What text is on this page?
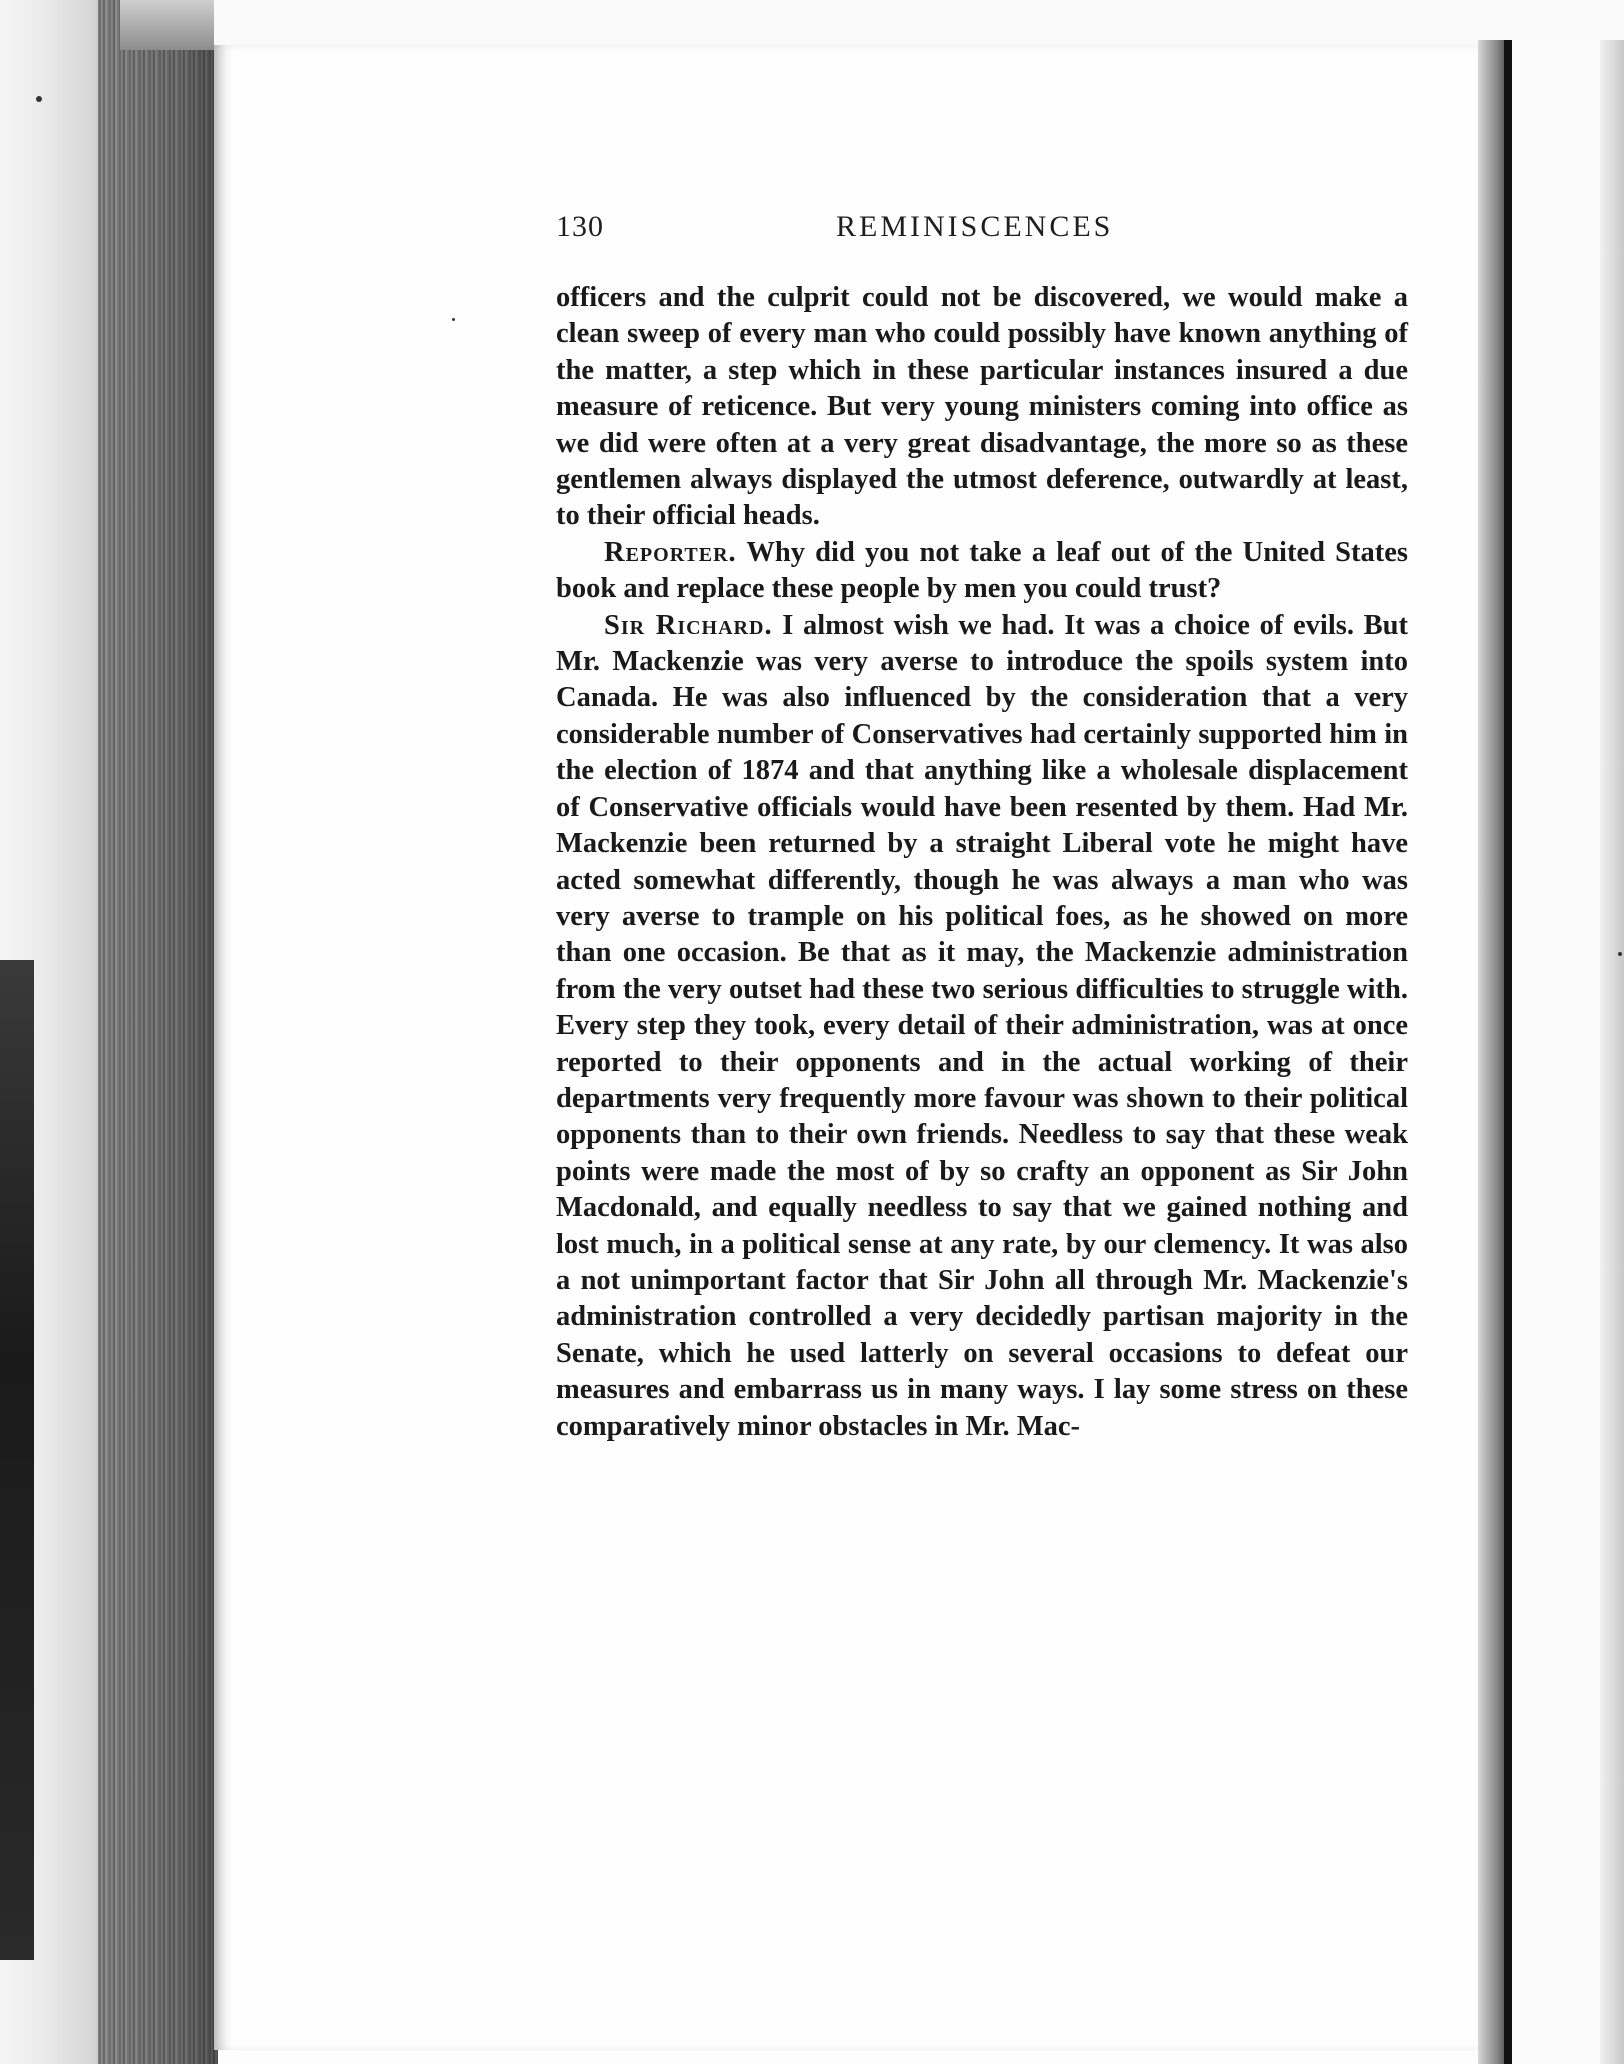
130	REMINISCENCES

officers and the culprit could not be discovered, we would make a clean sweep of every man who could possibly have known anything of the matter, a step which in these particular instances insured a due measure of reticence. But very young ministers coming into office as we did were often at a very great disadvantage, the more so as these gentlemen always displayed the utmost deference, outwardly at least, to their official heads.

Reporter. Why did you not take a leaf out of the United States book and replace these people by men you could trust?

Sir Richard. I almost wish we had. It was a choice of evils. But Mr. Mackenzie was very averse to introduce the spoils system into Canada. He was also influenced by the consideration that a very considerable number of Conservatives had certainly supported him in the election of 1874 and that anything like a wholesale displacement of Conservative officials would have been resented by them. Had Mr. Mackenzie been returned by a straight Liberal vote he might have acted somewhat differently, though he was always a man who was very averse to trample on his political foes, as he showed on more than one occasion. Be that as it may, the Mackenzie administration from the very outset had these two serious difficulties to struggle with. Every step they took, every detail of their administration, was at once reported to their opponents and in the actual working of their departments very frequently more favour was shown to their political opponents than to their own friends. Needless to say that these weak points were made the most of by so crafty an opponent as Sir John Macdonald, and equally needless to say that we gained nothing and lost much, in a political sense at any rate, by our clemency. It was also a not unimportant factor that Sir John all through Mr. Mackenzie's administration controlled a very decidedly partisan majority in the Senate, which he used latterly on several occasions to defeat our measures and embarrass us in many ways. I lay some stress on these comparatively minor obstacles in Mr. Mac-
